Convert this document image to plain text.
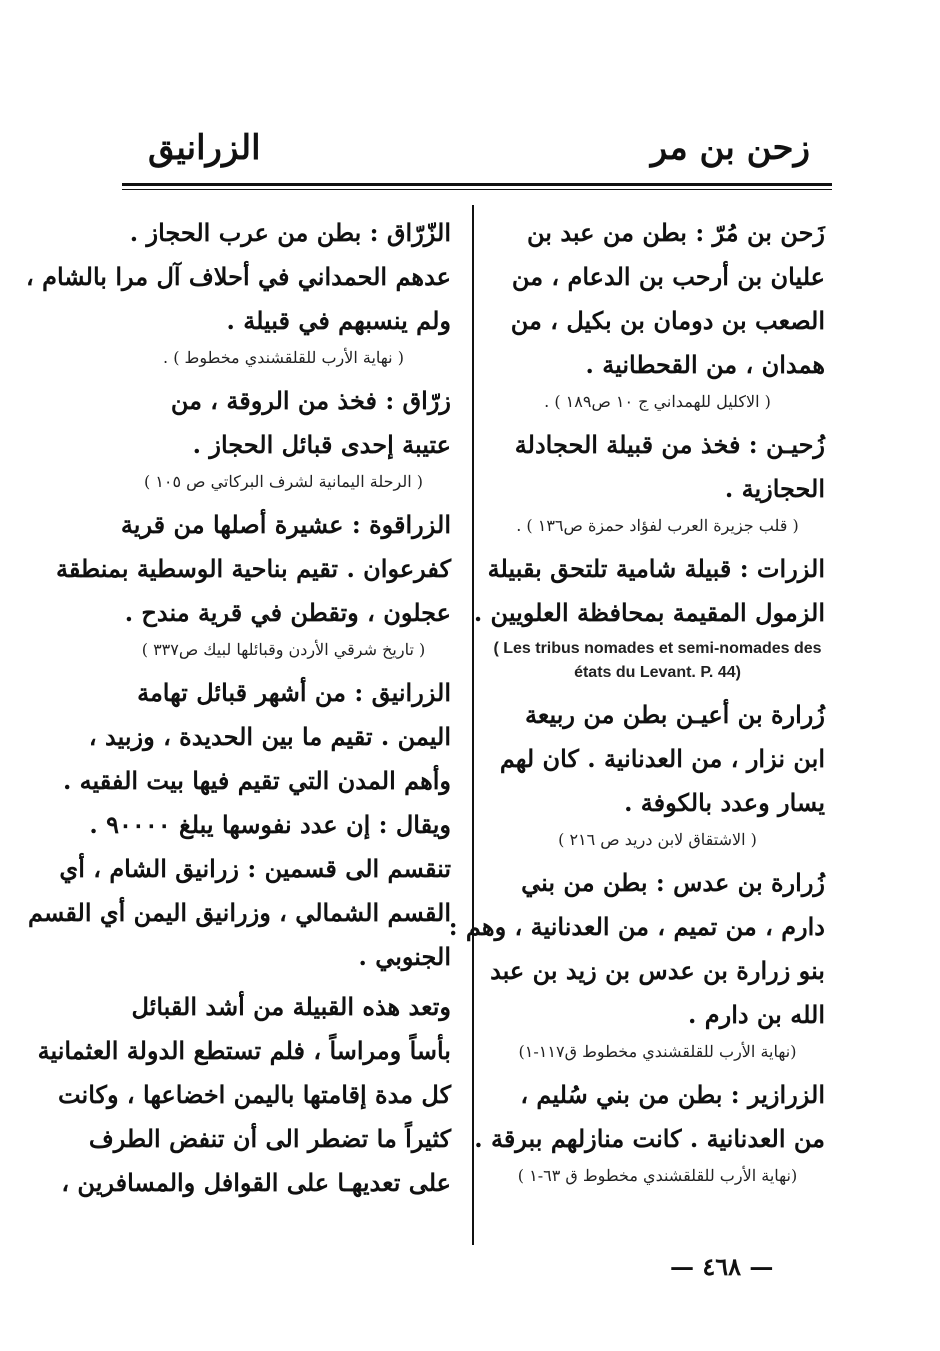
زحن بن مر
الزرانيق

زَحن بن مُرّ : بطن من عبد بن

عليان بن أرحب بن الدعام ، من

الصعب بن دومان بن بكيل ، من

همدان ، من القحطانية .

( الاكليل للهمداني ج ١٠ ص١٨٩ ) .

زُحيـن : فخذ من قبيلة الحجادلة

الحجازية .

( قلب جزيرة العرب لفؤاد حمزة ص١٣٦ ) .

الزرات : قبيلة شامية تلتحق بقبيلة

الزمول المقيمة بمحافظة العلويين .

( Les tribus nomades et semi-nomades des états du Levant. P. 44)

زُرارة بن أعيـن بطن من ربيعة

ابن نزار ، من العدنانية . كان لهم

يسار وعدد بالكوفة .

( الاشتقاق لابن دريد ص ٢١٦ )

زُرارة بن عدس : بطن من بني

دارم ، من تميم ، من العدنانية ، وهم :

بنو زرارة بن عدس بن زيد بن عبد

الله بن دارم .

(نهاية الأرب للقلقشندي مخطوط ق١١٧-١)

الزرازير : بطن من بني سُليم ،

من العدنانية . كانت منازلهم ببرقة .

(نهاية الأرب للقلقشندي مخطوط ق ٦٣-١ )

الزّرّاق : بطن من عرب الحجاز .

عدهم الحمداني في أحلاف آل مرا بالشام ،

ولم ينسبهم في قبيلة .

( نهاية الأرب للقلقشندي مخطوط ) .

زرّاق : فخذ من الروقة ، من

عتيبة إحدى قبائل الحجاز .

( الرحلة اليمانية لشرف البركاتي ص ١٠٥ )

الزراقوة : عشيرة أصلها من قرية

كفرعوان . تقيم بناحية الوسطية بمنطقة

عجلون ، وتقطن في قرية مندح .

( تاريخ شرقي الأردن وقبائلها لبيك ص٣٣٧ )

الزرانيق : من أشهر قبائل تهامة

اليمن . تقيم ما بين الحديدة ، وزبيد ،

وأهم المدن التي تقيم فيها بيت الفقيه .

ويقال : إن عدد نفوسها يبلغ ٩٠٠٠٠ .

تنقسم الى قسمين : زرانيق الشام ، أي

القسم الشمالي ، وزرانيق اليمن أي القسم

الجنوبي .

وتعد هذه القبيلة من أشد القبائل

بأساً ومراساً ، فلم تستطع الدولة العثمانية

كل مدة إقامتها باليمن اخضاعها ، وكانت

كثيراً ما تضطر الى أن تنفض الطرف

على تعديهـا على القوافل والمسافرين ،

— ٤٦٨ —
